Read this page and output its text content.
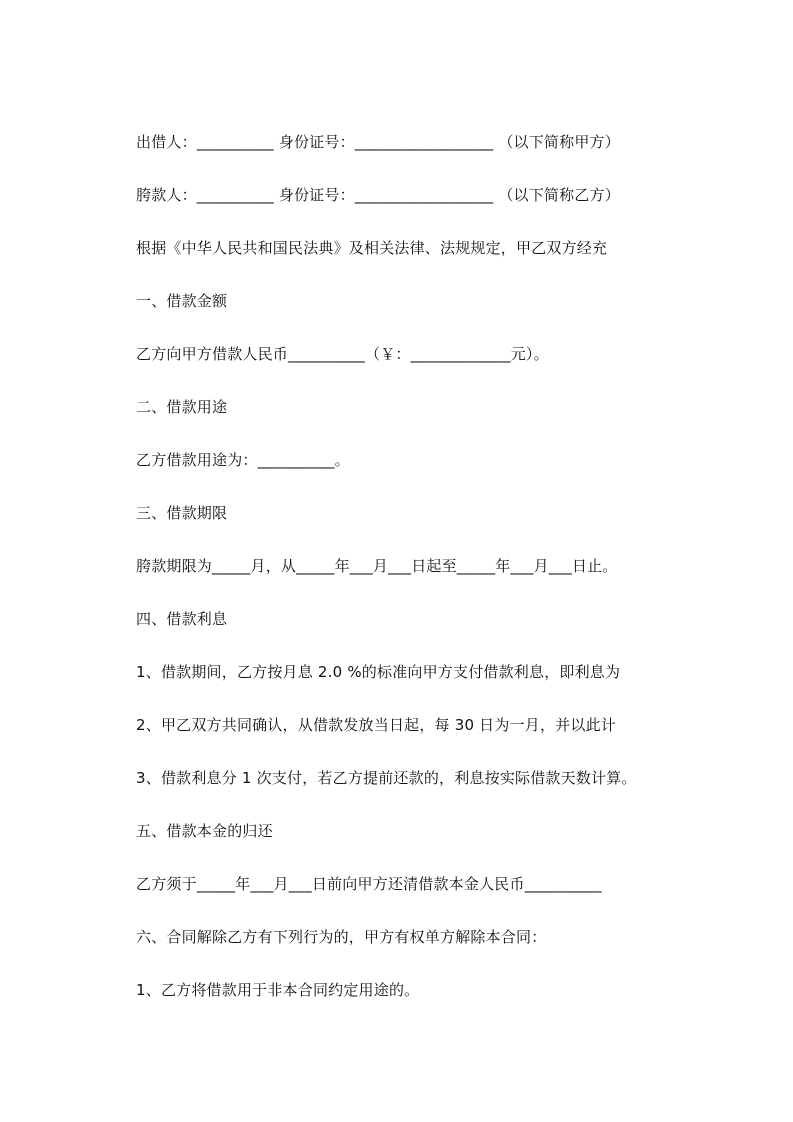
出借人：__________ 身份证号：__________________ （以下简称甲方）

胯款人：__________ 身份证号：__________________ （以下简称乙方）

根据《中华人民共和国民法典》及相关法律、法规规定，甲乙双方经充

一、借款金额

乙方向甲方借款人民币__________（￥：_____________元）。

二、借款用途

乙方借款用途为：__________。

三、借款期限

胯款期限为_____月，从_____年___月___日起至_____年___月___日止。

四、借款利息

1、借款期间，乙方按月息 2.0 %的标准向甲方支付借款利息，即利息为

2、甲乙双方共同确认，从借款发放当日起，每 30 日为一月，并以此计

3、借款利息分 1 次支付，若乙方提前还款的，利息按实际借款天数计算。

五、借款本金的归还

乙方须于_____年___月___日前向甲方还清借款本金人民币__________

六、合同解除乙方有下列行为的，甲方有权单方解除本合同：

1、乙方将借款用于非本合同约定用途的。
